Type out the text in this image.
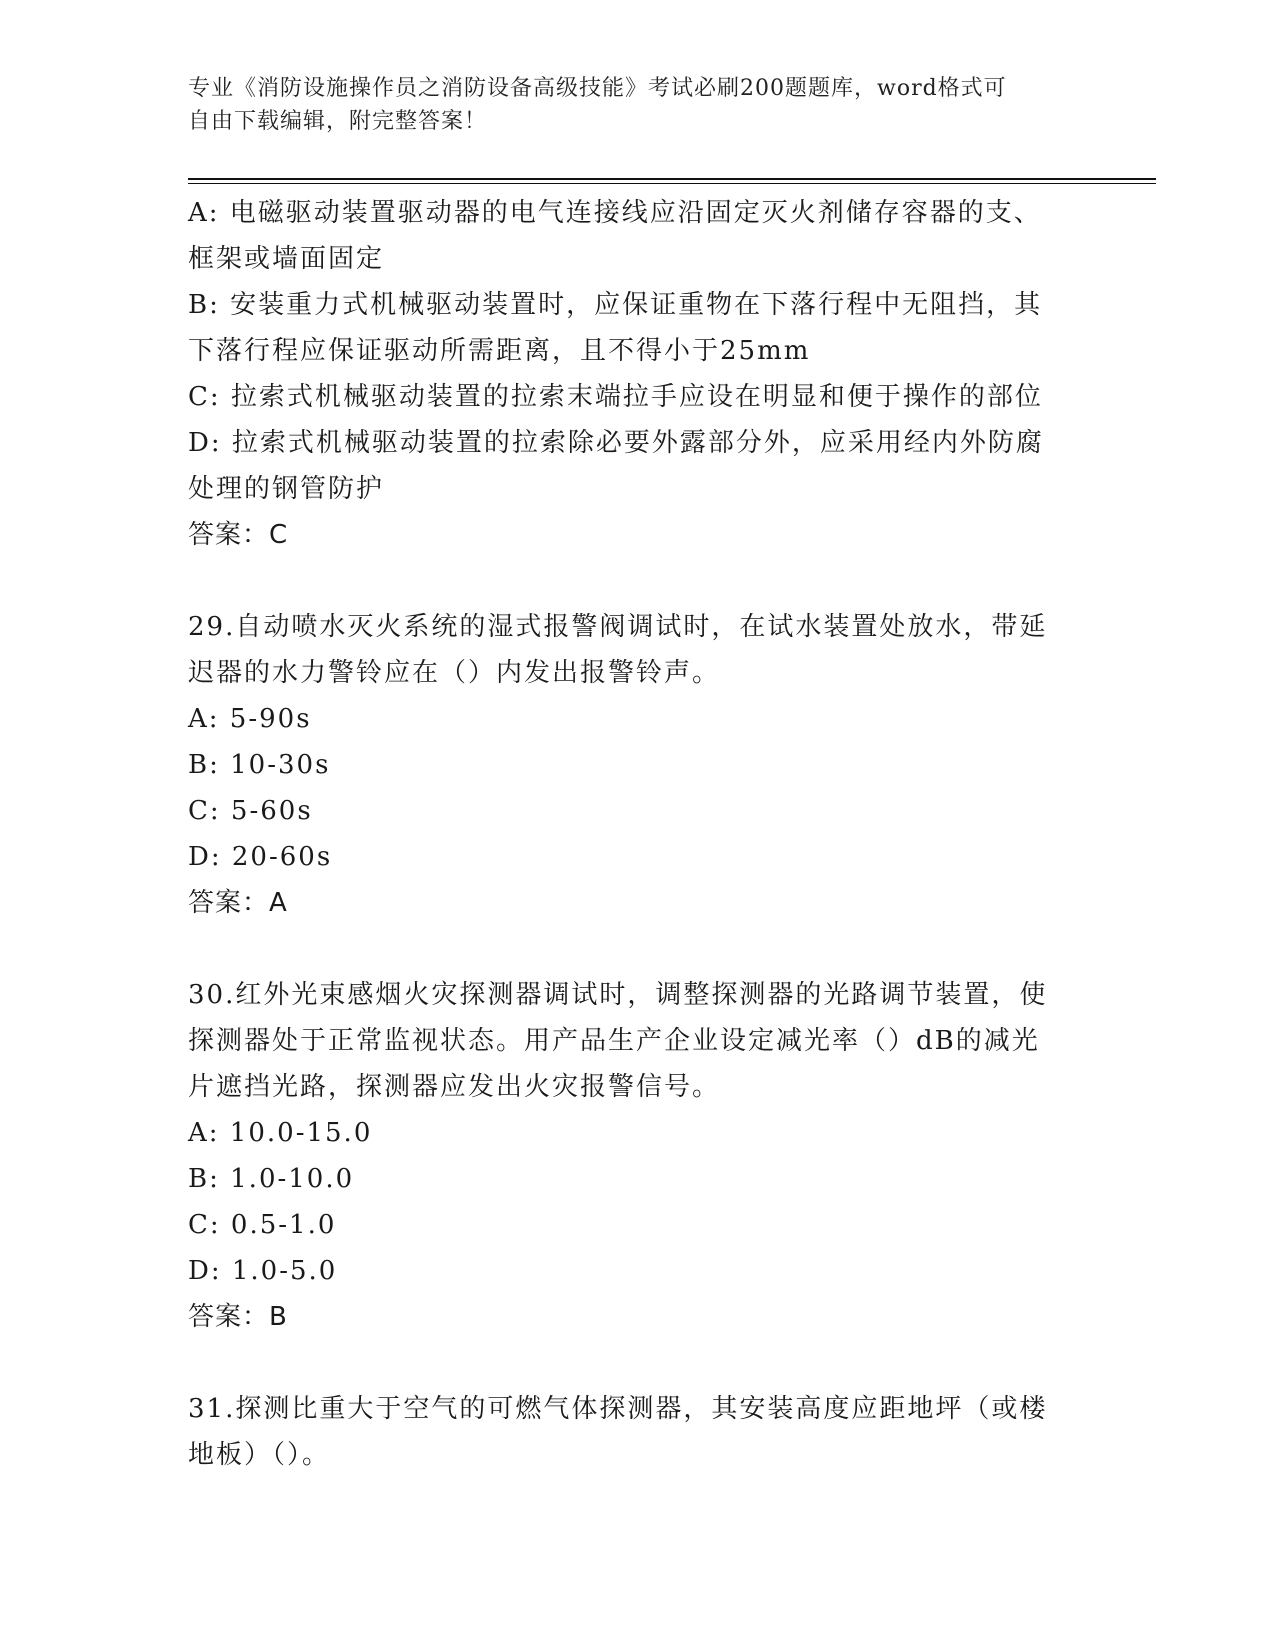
专业《消防设施操作员之消防设备高级技能》考试必刷200题题库，word格式可
自由下载编辑，附完整答案！
A: 电磁驱动装置驱动器的电气连接线应沿固定灭火剂储存容器的支、
框架或墙面固定
B: 安装重力式机械驱动装置时，应保证重物在下落行程中无阻挡，其
下落行程应保证驱动所需距离，且不得小于25mm
C: 拉索式机械驱动装置的拉索末端拉手应设在明显和便于操作的部位
D: 拉索式机械驱动装置的拉索除必要外露部分外，应采用经内外防腐
处理的钢管防护
答案：C
29.自动喷水灭火系统的湿式报警阀调试时，在试水装置处放水，带延
迟器的水力警铃应在（）内发出报警铃声。
A: 5-90s
B: 10-30s
C: 5-60s
D: 20-60s
答案：A
30.红外光束感烟火灾探测器调试时，调整探测器的光路调节装置，使
探测器处于正常监视状态。用产品生产企业设定减光率（）dB的减光
片遮挡光路，探测器应发出火灾报警信号。
A: 10.0-15.0
B: 1.0-10.0
C: 0.5-1.0
D: 1.0-5.0
答案：B
31.探测比重大于空气的可燃气体探测器，其安装高度应距地坪（或楼
地板）（）。
